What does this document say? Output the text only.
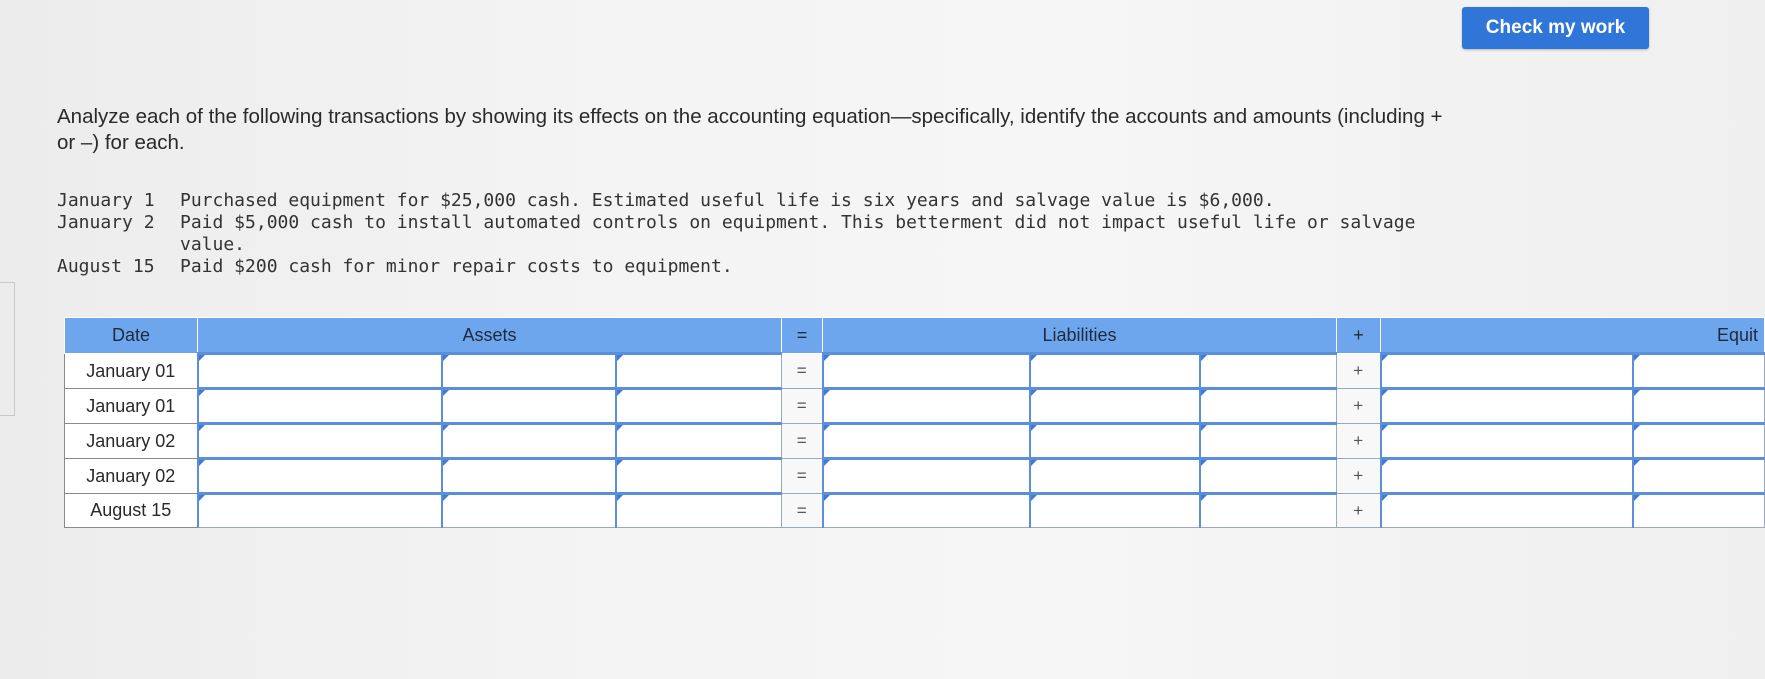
Check my work

Analyze each of the following transactions by showing its effects on the accounting equation—specifically, identify the accounts and amounts (including + or –) for each.

January 1	Purchased equipment for $25,000 cash. Estimated useful life is six years and salvage value is $6,000.
January 2	Paid $5,000 cash to install automated controls on equipment. This betterment did not impact useful life or salvage value.
August 15	Paid $200 cash for minor repair costs to equipment.
Date	Assets			=	Liabilities			+	Equit	
January 01				=				+		
January 01				=				+		
January 02				=				+		
January 02				=				+		
August 15				=				+		
